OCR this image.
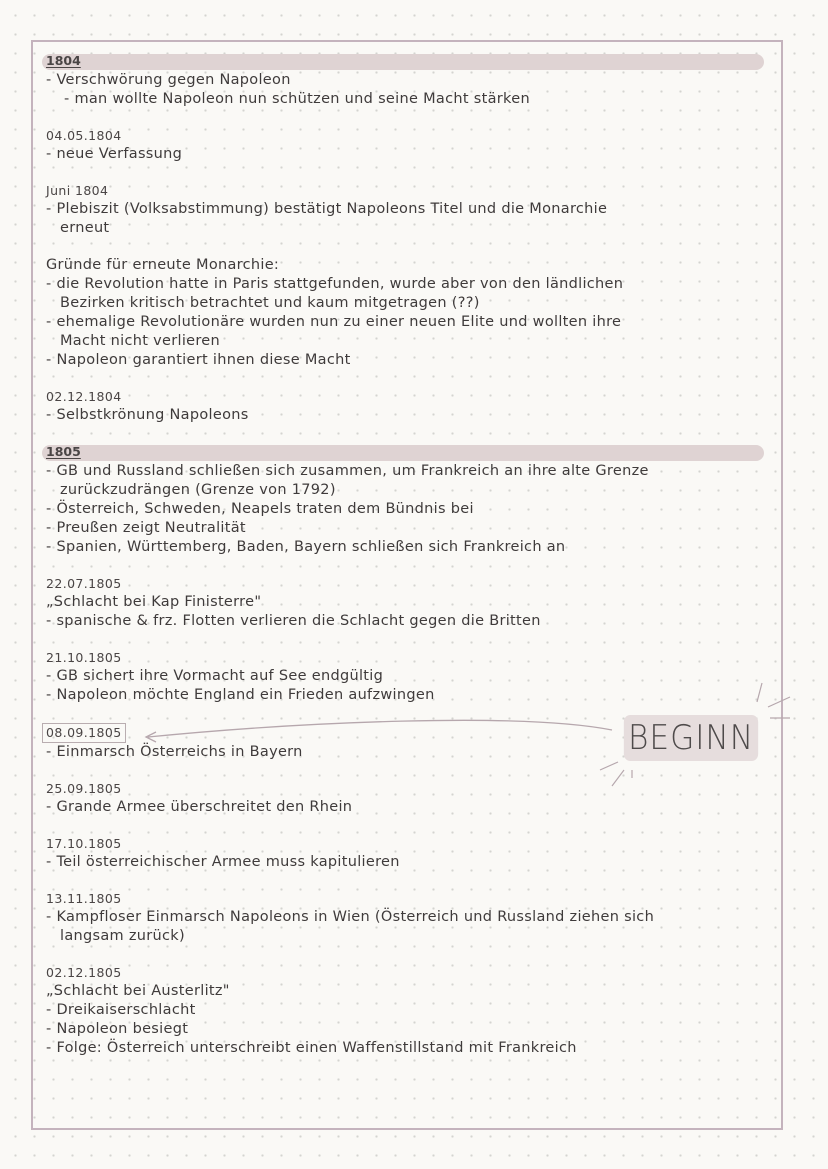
1804
- Verschwörung gegen Napoleon
- man wollte Napoleon nun schützen und seine Macht stärken
04.05.1804
- neue Verfassung
Juni 1804
- Plebiszit (Volksabstimmung) bestätigt Napoleons Titel und die Monarchie
erneut
Gründe für erneute Monarchie:
- die Revolution hatte in Paris stattgefunden, wurde aber von den ländlichen
Bezirken kritisch betrachtet und kaum mitgetragen (??)
- ehemalige Revolutionäre wurden nun zu einer neuen Elite und wollten ihre
Macht nicht verlieren
- Napoleon garantiert ihnen diese Macht
02.12.1804
- Selbstkrönung Napoleons
1805
- GB und Russland schließen sich zusammen, um Frankreich an ihre alte Grenze
zurückzudrängen (Grenze von 1792)
- Österreich, Schweden, Neapels traten dem Bündnis bei
- Preußen zeigt Neutralität
- Spanien, Württemberg, Baden, Bayern schließen sich Frankreich an
22.07.1805
„Schlacht bei Kap Finisterre"
- spanische & frz. Flotten verlieren die Schlacht gegen die Britten
21.10.1805
- GB sichert ihre Vormacht auf See endgültig
- Napoleon möchte England ein Frieden aufzwingen
08.09.1805
- Einmarsch Österreichs in Bayern
25.09.1805
- Grande Armee überschreitet den Rhein
17.10.1805
- Teil österreichischer Armee muss kapitulieren
13.11.1805
- Kampfloser Einmarsch Napoleons in Wien (Österreich und Russland ziehen sich
langsam zurück)
02.12.1805
„Schlacht bei Austerlitz"
- Dreikaiserschlacht
- Napoleon besiegt
- Folge: Österreich unterschreibt einen Waffenstillstand mit Frankreich
BEGINN
